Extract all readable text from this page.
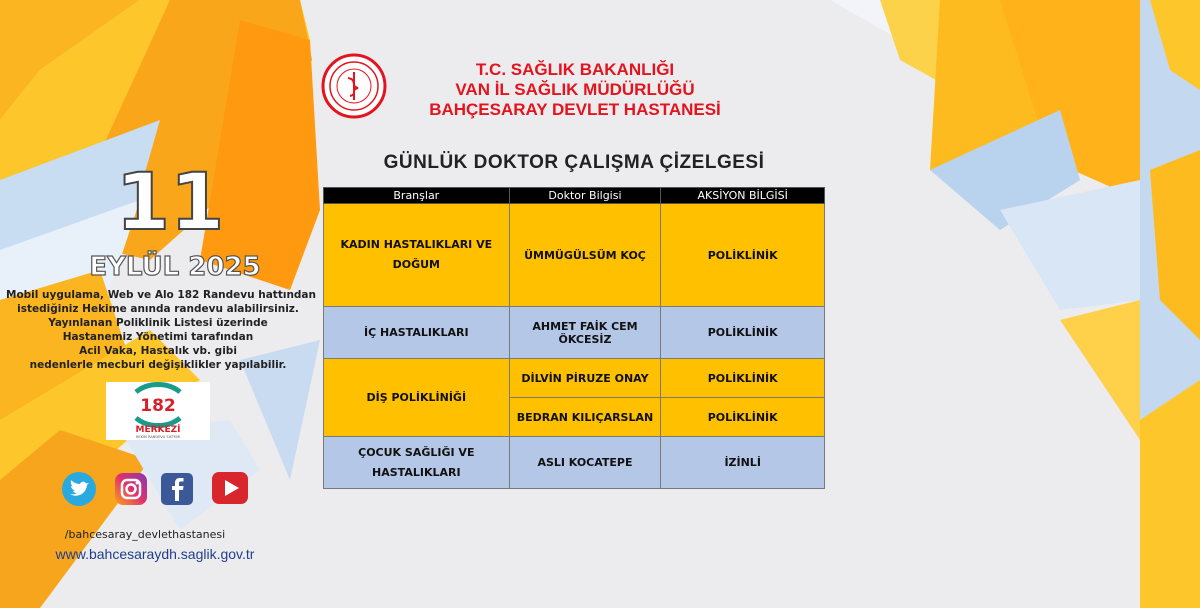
T.C. SAĞLIK BAKANLIĞI
VAN İL SAĞLIK MÜDÜRLÜĞÜ
BAHÇESARAY DEVLET HASTANESİ
GÜNLÜK DOKTOR ÇALIŞMA ÇİZELGESİ
Branşlar	Doktor Bilgisi	AKSİYON BİLGİSİ
KADIN HASTALIKLARI VE DOĞUM	ÜMMÜGÜLSÜM KOÇ	POLİKLİNİK
İÇ HASTALIKLARI	AHMET FAİK CEM ÖKCESİZ	POLİKLİNİK
DİŞ POLİKLİNİĞİ	DİLVİN PİRUZE ONAY	POLİKLİNİK
	BEDRAN KILIÇARSLAN	POLİKLİNİK
ÇOCUK SAĞLIĞI VE HASTALIKLARI	ASLI KOCATEPE	İZİNLİ
11
EYLÜL 2025
Mobil uygulama, Web ve Alo 182 Randevu hattından
istediğiniz Hekime anında randevu alabilirsiniz.
Yayınlanan Poliklinik Listesi üzerinde
Hastanemiz Yönetimi tarafından
Acil Vaka, Hastalık vb. gibi
nedenlerle mecburi değişiklikler yapılabilir.
182
MERKEZİ
HEKİM RANDEVU SİSTEMİ
/bahcesaray_devlethastanesi
www.bahcesaraydh.saglik.gov.tr
